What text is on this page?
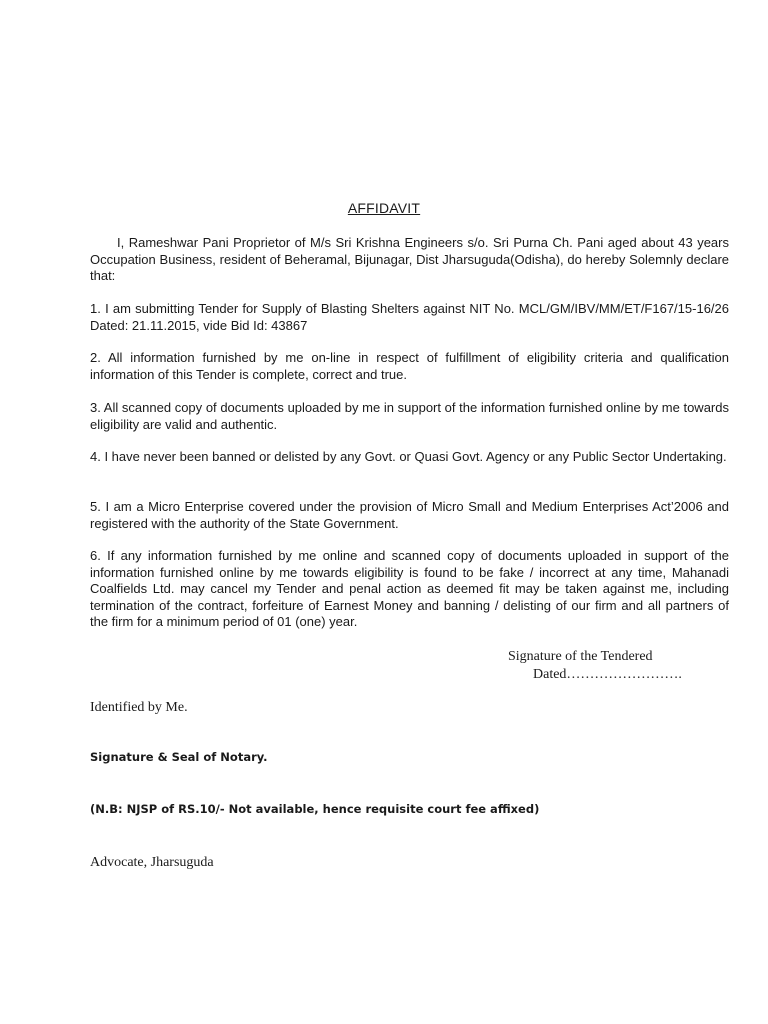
AFFIDAVIT

I, Rameshwar Pani Proprietor of M/s Sri Krishna Engineers s/o. Sri Purna Ch. Pani aged about 43 years Occupation Business, resident of Beheramal, Bijunagar, Dist Jharsuguda(Odisha), do hereby Solemnly declare that:

1. I am submitting Tender for Supply of Blasting Shelters against NIT No. MCL/GM/IBV/MM/ET/F167/15-16/26 Dated: 21.11.2015, vide Bid Id: 43867

2. All information furnished by me on-line in respect of fulfillment of eligibility criteria and qualification information of this Tender is complete, correct and true.

3. All scanned copy of documents uploaded by me in support of the information furnished online by me towards eligibility are valid and authentic.

4. I have never been banned or delisted by any Govt. or Quasi Govt. Agency or any Public Sector Undertaking.

5. I am a Micro Enterprise covered under the provision of Micro Small and Medium Enterprises Act’2006 and registered with the authority of the State Government.

6. If any information furnished by me online and scanned copy of documents uploaded in support of the information furnished online by me towards eligibility is found to be fake / incorrect at any time, Mahanadi Coalfields Ltd. may cancel my Tender and penal action as deemed fit may be taken against me, including termination of the contract, forfeiture of Earnest Money and banning / delisting of our firm and all partners of the firm for a minimum period of 01 (one) year.

Signature of the Tendered
Dated…………………….
Identified by Me.
Signature & Seal of Notary.
(N.B: NJSP of RS.10/- Not available, hence requisite court fee affixed)
Advocate, Jharsuguda
